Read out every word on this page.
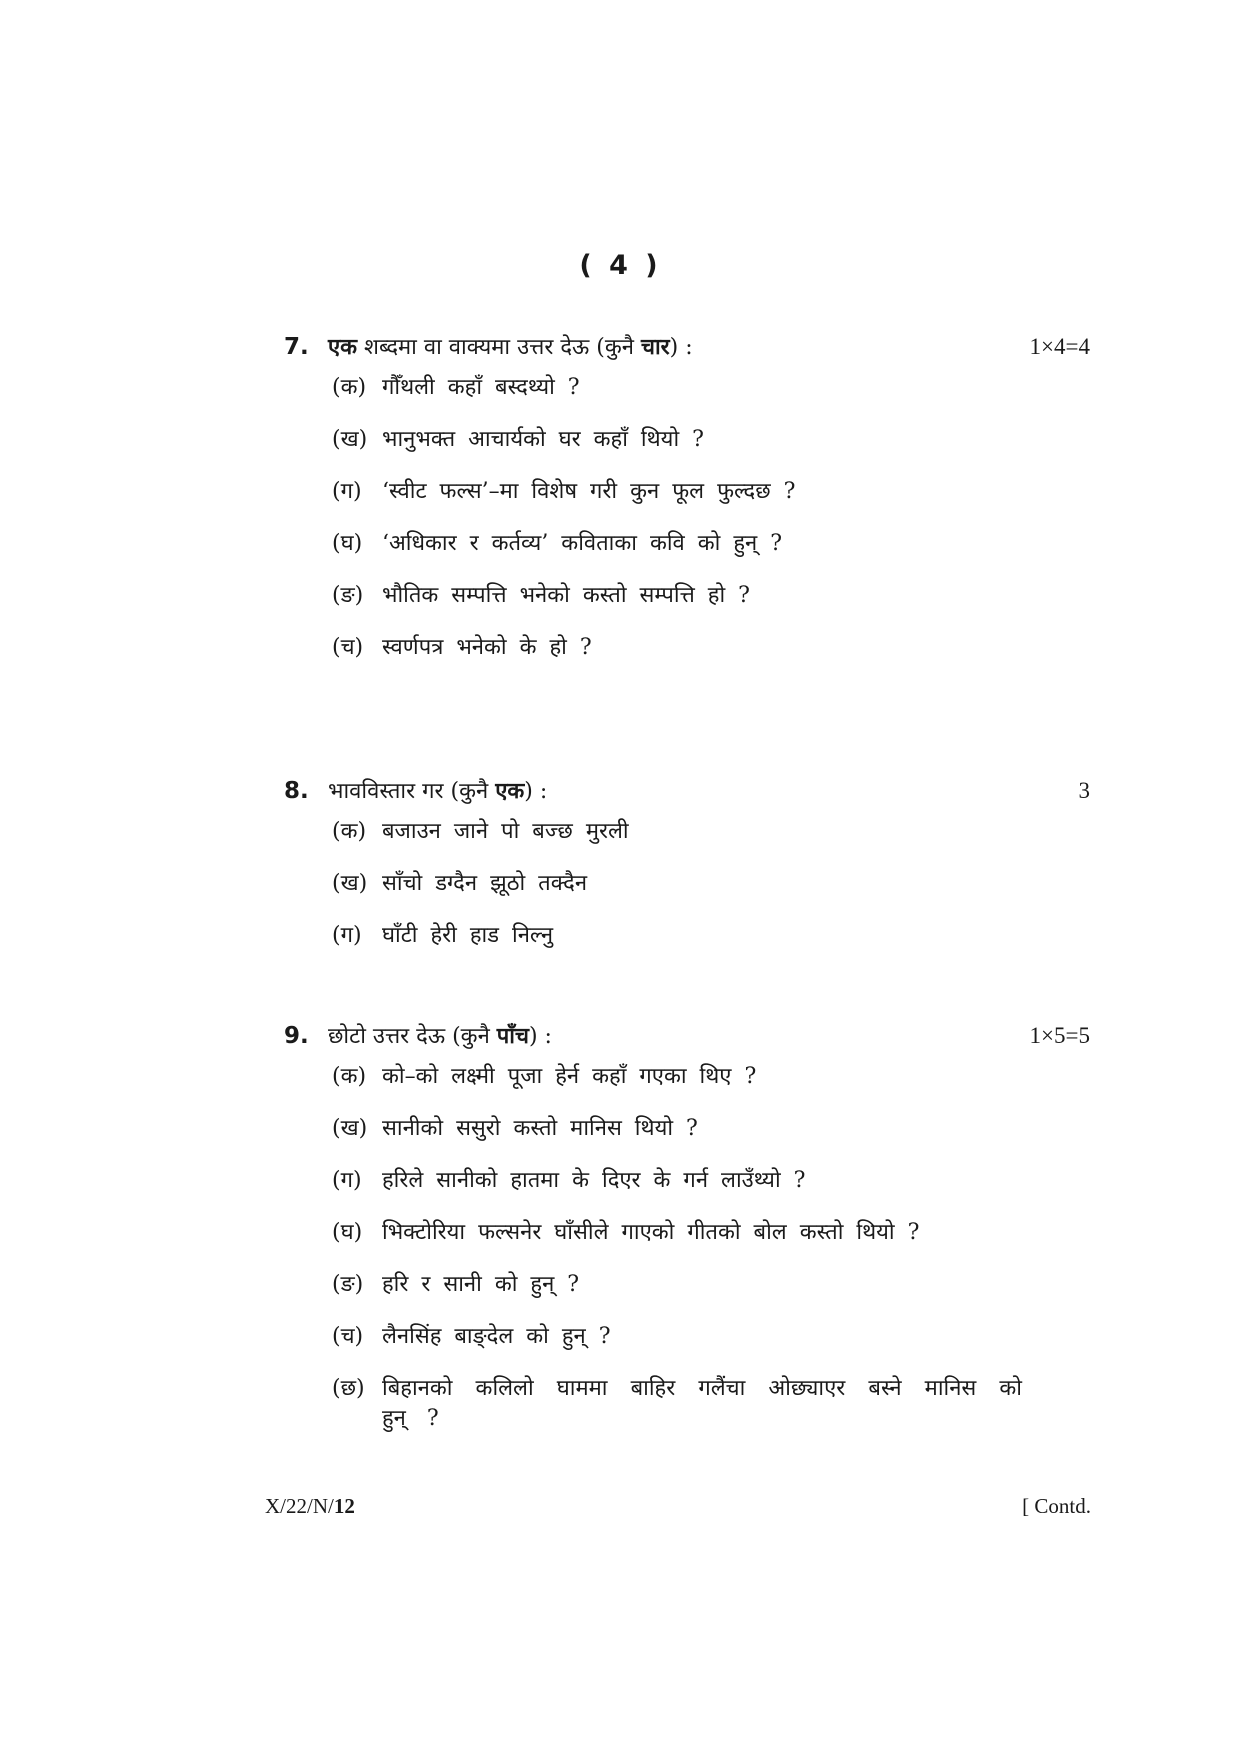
( 4 )
7. एक शब्दमा वा वाक्यमा उत्तर देऊ (कुनै चार) :	1×4=4
(क) गौँथली कहाँ बस्दथ्यो ?
(ख) भानुभक्त आचार्यको घर कहाँ थियो ?
(ग) ‘स्वीट फल्स’–मा विशेष गरी कुन फूल फुल्दछ ?
(घ) ‘अधिकार र कर्तव्य’ कविताका कवि को हुन् ?
(ङ) भौतिक सम्पत्ति भनेको कस्तो सम्पत्ति हो ?
(च) स्वर्णपत्र भनेको के हो ?
8. भावविस्तार गर (कुनै एक) :	3
(क) बजाउन जाने पो बज्छ मुरली
(ख) साँचो डग्दैन झूठो तक्दैन
(ग) घाँटी हेरी हाड निल्नु
9. छोटो उत्तर देऊ (कुनै पाँच) :	1×5=5
(क) को–को लक्ष्मी पूजा हेर्न कहाँ गएका थिए ?
(ख) सानीको ससुरो कस्तो मानिस थियो ?
(ग) हरिले सानीको हातमा के दिएर के गर्न लाउँथ्यो ?
(घ) भिक्टोरिया फल्सनेर घाँसीले गाएको गीतको बोल कस्तो थियो ?
(ङ) हरि र सानी को हुन् ?
(च) लैनसिंह बाङ्देल को हुन् ?
(छ) बिहानको कलिलो घाममा बाहिर गलैंचा ओछ्याएर बस्ने मानिस को हुन् ?
X/22/N/12	[ Contd.
